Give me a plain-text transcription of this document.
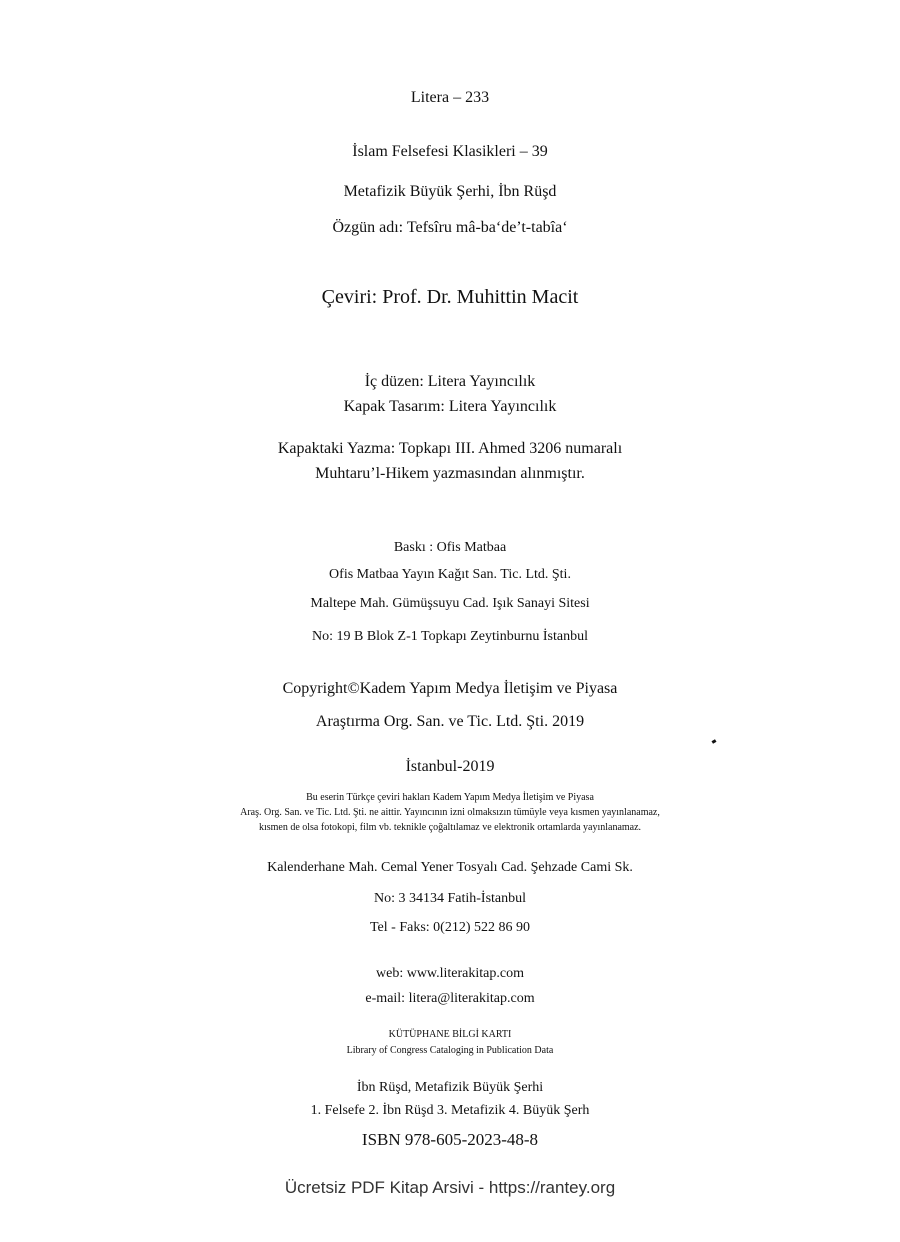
Litera – 233
İslam Felsefesi Klasikleri – 39
Metafizik Büyük Şerhi, İbn Rüşd
Özgün adı: Tefsîru mâ-ba‘de’t-tabîa‘
Çeviri: Prof. Dr. Muhittin Macit
İç düzen: Litera Yayıncılık
Kapak Tasarım: Litera Yayıncılık
Kapaktaki Yazma: Topkapı III. Ahmed 3206 numaralı
Muhtaru’l-Hikem yazmasından alınmıştır.
Baskı : Ofis Matbaa
Ofis Matbaa Yayın Kağıt San. Tic. Ltd. Şti.
Maltepe Mah. Gümüşsuyu Cad. Işık Sanayi Sitesi
No: 19 B Blok Z-1 Topkapı Zeytinburnu İstanbul
Copyright©Kadem Yapım Medya İletişim ve Piyasa
Araştırma Org. San. ve Tic. Ltd. Şti. 2019
İstanbul-2019
Bu eserin Türkçe çeviri hakları Kadem Yapım Medya İletişim ve Piyasa
Araş. Org. San. ve Tic. Ltd. Şti. ne aittir. Yayıncının izni olmaksızın tümüyle veya kısmen yayınlanamaz,
kısmen de olsa fotokopi, film vb. teknikle çoğaltılamaz ve elektronik ortamlarda yayınlanamaz.
Kalenderhane Mah. Cemal Yener Tosyalı Cad. Şehzade Cami Sk.
No: 3 34134 Fatih-İstanbul
Tel - Faks: 0(212) 522 86 90
web: www.literakitap.com
e-mail: litera@literakitap.com
KÜTÜPHANE BİLGİ KARTI
Library of Congress Cataloging in Publication Data
İbn Rüşd, Metafizik Büyük Şerhi
1. Felsefe 2. İbn Rüşd 3. Metafizik 4. Büyük Şerh
ISBN 978-605-2023-48-8
Ücretsiz PDF Kitap Arsivi - https://rantey.org
